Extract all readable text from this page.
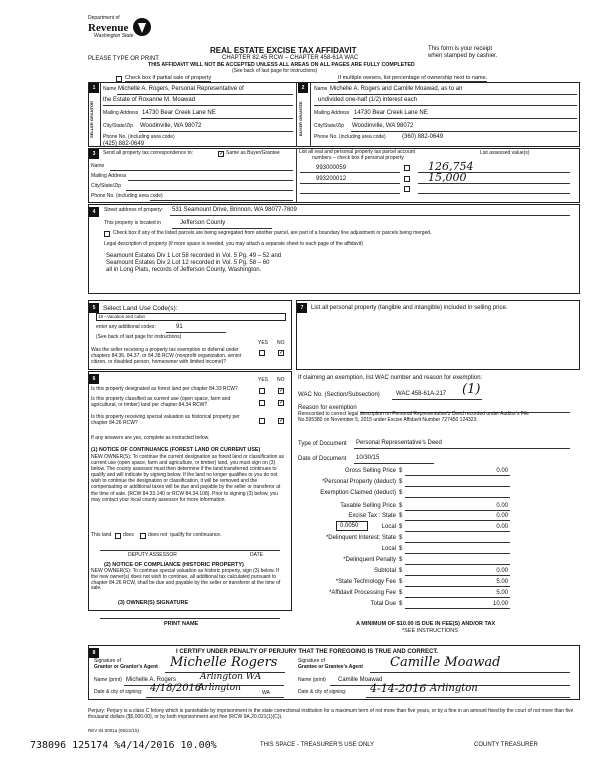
Department of
Revenue
Washington State
REAL ESTATE EXCISE TAX AFFIDAVIT
CHAPTER 82.45 RCW – CHAPTER 458-61A WAC
THIS AFFIDAVIT WILL NOT BE ACCEPTED UNLESS ALL AREAS ON ALL PAGES ARE FULLY COMPLETED
(See back of last page for instructions)
This form is your receipt
when stamped by cashier.
PLEASE TYPE OR PRINT
Check box if partial sale of property	If multiple owners, list percentage of ownership next to name.
1
SELLER GRANTOR
Name Michelle A. Rogers, Personal Representative of
the Estate of Roxanne M. Moawad
Mailing Address 14730 Bear Creek Lane NE
City/State/Zip Woodinville, WA 98072
Phone No. (including area code)
(425) 882-0649
2
BUYER GRANTEE
Name Michelle A. Rogers and Camille Moawad, as to an
undivided one-half (1/2) interest each
Mailing Address 14730 Bear Creek Lane NE
City/State/Zip Woodinville, WA 98072
Phone No. (including area code)	(360) 882-0649
3	Send all property tax correspondence to:	✓ Same as Buyer/Grantee
Name
Mailing Address
City/State/Zip
Phone No. (including area code)
List all real and personal property tax parcel account
numbers – check box if personal property
List assessed value(s)
993000059	126,754
993200012	15,000
4	Street address of property: 531 Seamount Drive, Brinnon, WA 98077-7809
This property is located in	Jefferson County
Check box if any of the listed parcels are being segregated from another parcel, are part of a boundary line adjustment or parcels being merged.
Legal description of property (if more space is needed, you may attach a separate sheet to each page of the affidavit)
Seamount Estates Div 1 Lot 58 recorded in Vol. 5 Pg. 49 – 52 and
Seamount Estates Div 2 Lot 12 recorded in Vol. 5 Pg. 58 – 60
all in Long Plats, records of Jefferson County, Washington.
5	Select Land Use Code(s):
19 - Vacation and cabin
enter any additional codes:	91
(See back of last page for instructions)
YES NO
Was the seller receiving a property tax exemption or deferral under chapters 84.36, 84.37, or 84.38 RCW (nonprofit organization, senior citizen, or disabled person, homeowner with limited income)?
✓
6	YES NO
Is this property designated as forest land per chapter 84.33 RCW?	✓
Is this property classified as current use (open space, farm and agricultural, or timber) land per chapter 84.34 RCW?	✓
Is this property receiving special valuation as historical property per chapter 84.26 RCW?	✓
If any answers are yes, complete as instructed below.
(1) NOTICE OF CONTINUANCE (FOREST LAND OR CURRENT USE)
NEW OWNER(S): To continue the current designation as forest land or classification as current use (open space, farm and agriculture, or timber) land, you must sign on (3) below. The county assessor must then determine if the land transferred continues to qualify and will indicate by signing below. If the land no longer qualifies or you do not wish to continue the designation or classification, it will be removed and the compensating or additional taxes will be due and payable by the seller or transferor at the time of sale. (RCW 84.33.140 or RCW 84.34.108). Prior to signing (3) below, you may contact your local county assessor for more information.
This land does	does not qualify for continuance.
DEPUTY ASSESSOR	DATE
(2) NOTICE OF COMPLIANCE (HISTORIC PROPERTY)
NEW OWNER(S): To continue special valuation as historic property, sign (3) below. If the new owner(s) does not wish to continue, all additional tax calculated pursuant to chapter 84.26 RCW, shall be due and payable by the seller or transferor at the time of sale.
(3) OWNER(S) SIGNATURE
PRINT NAME
7	List all personal property (tangible and intangible) included in selling price.
If claiming an exemption, list WAC number and reason for exemption:
WAC No. (Section/Subsection)	WAC 458-61A-217 (1)
Reason for exemption
Rerecorded to correct legal description on Personal Representative's Deed recorded under Auditor's File No.595380 on November 5, 2015 under Excise Affidavit Number 727450 124323.
Type of Document Personal Representative's Deed
Date of Document 10/30/15
Gross Selling Price $	0.00
*Personal Property (deduct) $
Exemption Claimed (deduct) $
Taxable Selling Price $	0.00
Excise Tax : State $	0.00
Local $	0.00
*Delinquent Interest: State $
Local $
*Delinquent Penalty $
Subtotal $	0.00
*State Technology Fee $	5.00
*Affidavit Processing Fee $	5.00
Total Due $	10.00
0.0050
A MINIMUM OF $10.00 IS DUE IN FEE(S) AND/OR TAX
*SEE INSTRUCTIONS
8	I CERTIFY UNDER PENALTY OF PERJURY THAT THE FOREGOING IS TRUE AND CORRECT.
Signature of
Grantor or Grantor's Agent Michelle Rogers
Name (print) Michelle A. Rogers	Arlington WA
Date & city of signing: 4/18/2016
Arlington	WA
Signature of
Grantee or Grantee's Agent Camille Moawad
Name (print) Camille Moawad
Date & city of signing: 4-14-2016 Arlington
Perjury: Perjury is a class C felony which is punishable by imprisonment in the state correctional institution for a maximum term of not more than five years, or by a fine in an amount fixed by the court of not more than five thousand dollars ($5,000.00), or by both imprisonment and fine (RCW 9A.20.021(1)(C)).
REV 84 0001a (05/21/15)
738096 125174 %4/14/2016 10.00%	THIS SPACE - TREASURER'S USE ONLY	COUNTY TREASURER
